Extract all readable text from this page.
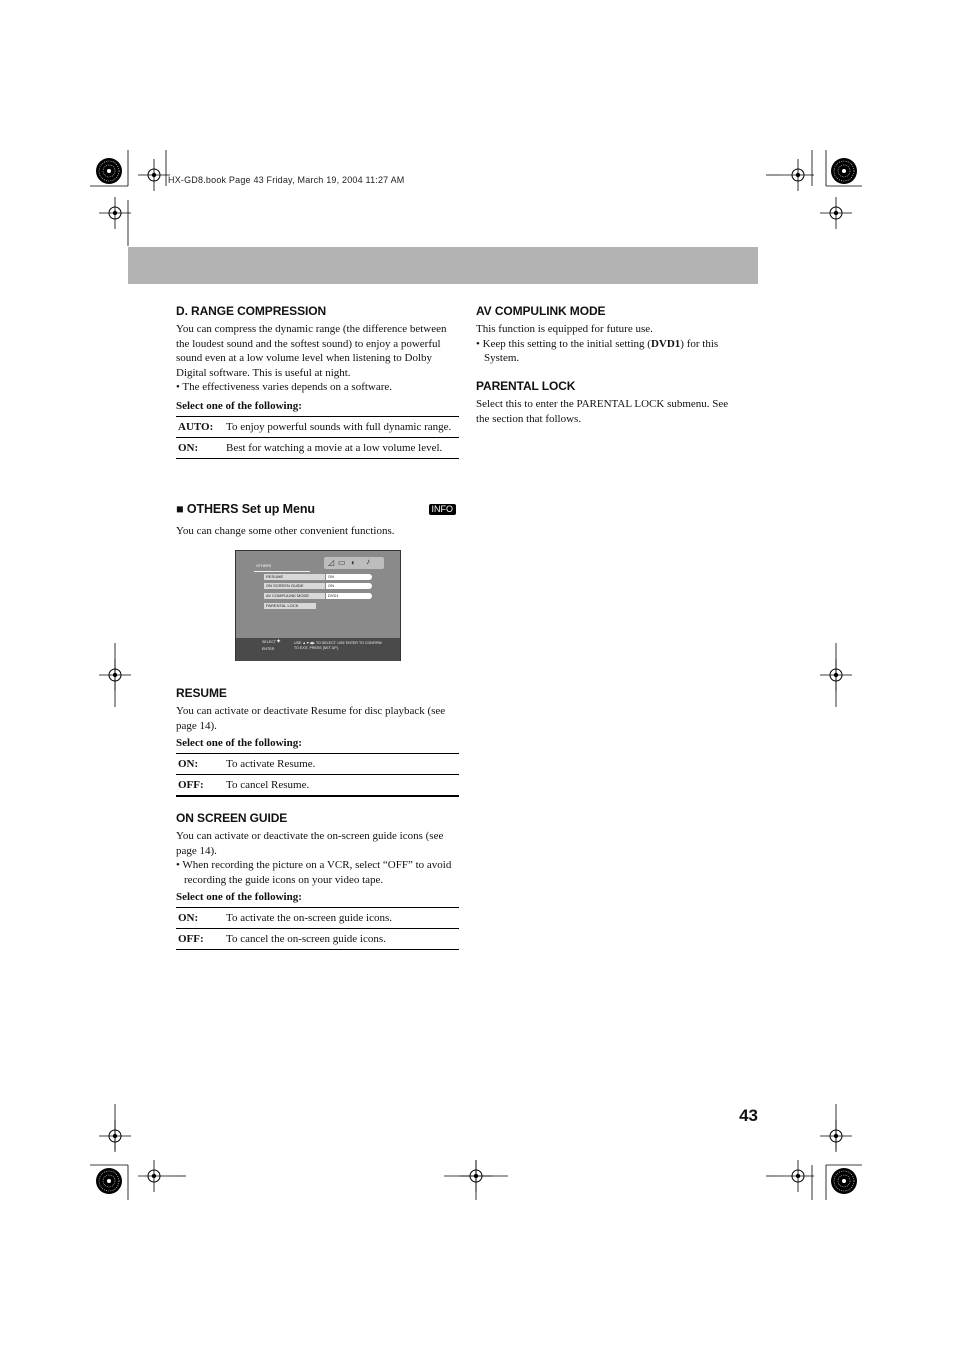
HX-GD8.book Page 43 Friday, March 19, 2004 11:27 AM
D. RANGE COMPRESSION

You can compress the dynamic range (the difference between the loudest sound and the softest sound) to enjoy a powerful sound even at a low volume level when listening to Dolby Digital software. This is useful at night.

• The effectiveness varies depends on a software.

Select one of the following:
AUTO:	To enjoy powerful sounds with full dynamic range.
ON:	Best for watching a movie at a low volume level.
■ OTHERS Set up Menu	INFO

You can change some other convenient functions.

OTHERS	◿ ▭ ◐ ♪
RESUME	ON
ON SCREEN GUIDE	ON
AV COMPULINK MODE	DVD1
PARENTAL LOCK
SELECT
ENTER
✦	USE ▲▼◀▶ TO SELECT. USE ENTER TO CONFIRM
TO EXIT, PRESS [SET UP].
RESUME

You can activate or deactivate Resume for disc playback (see page 14).

Select one of the following:
ON:	To activate Resume.
OFF:	To cancel Resume.
ON SCREEN GUIDE

You can activate or deactivate the on-screen guide icons (see page 14).

• When recording the picture on a VCR, select “OFF” to avoid recording the guide icons on your video tape.

Select one of the following:
ON:	To activate the on-screen guide icons.
OFF:	To cancel the on-screen guide icons.
AV COMPULINK MODE

This function is equipped for future use.

• Keep this setting to the initial setting (DVD1) for this System.

PARENTAL LOCK

Select this to enter the PARENTAL LOCK submenu. See the section that follows.

43
